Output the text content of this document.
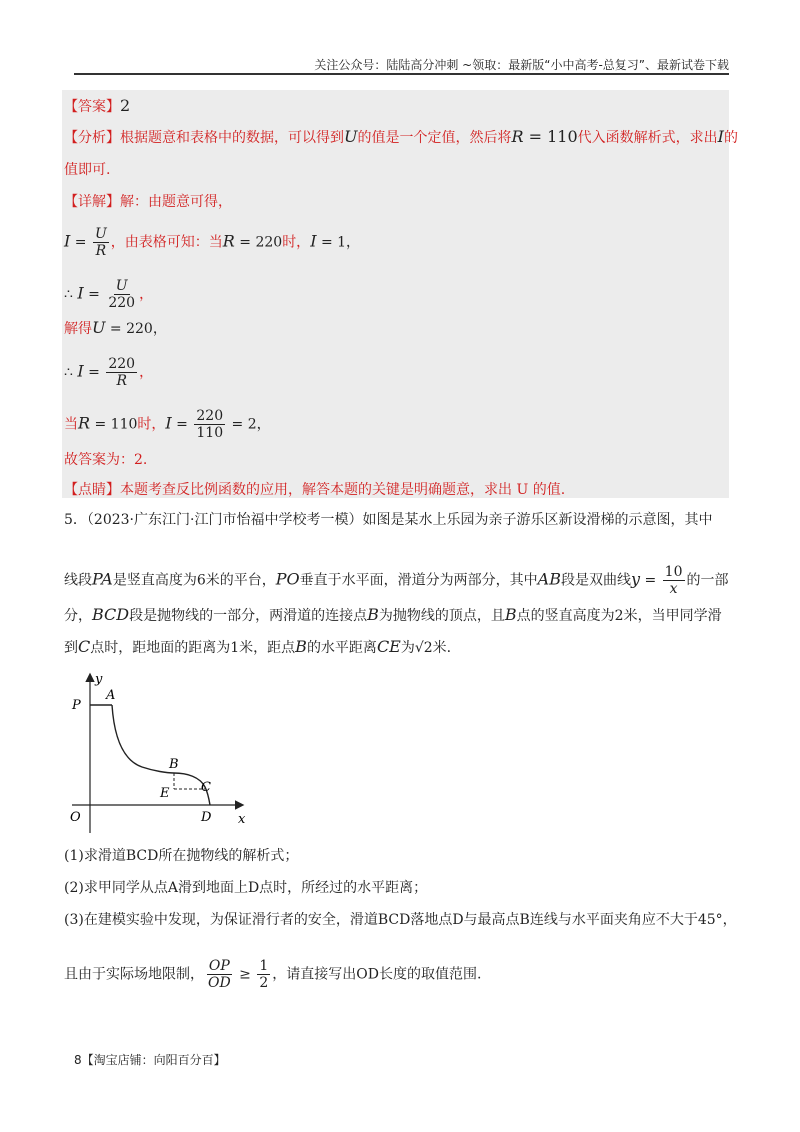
关注公众号：陆陆高分冲刺 ~领取：最新版“小中高考-总复习”、最新试卷下载
【答案】2
【分析】根据题意和表格中的数据，可以得到U的值是一个定值，然后将R = 110代入函数解析式，求出I的
值即可.
【详解】解：由题意可得，
$I = \frac{U}{R}$ ，由表格可知：当R = 220时，I = 1，
∴ $I = \frac{U}{220}$ ，
解得U = 220，
∴ $I = \frac{220}{R}$ ，
当R = 110时，$I = \frac{220}{110} = 2$，
故答案为：2.
【点睛】本题考查反比例函数的应用，解答本题的关键是明确题意，求出 U 的值.
5．（2023·广东江门·江门市怡福中学校考一模）如图是某水上乐园为亲子游乐区新设滑梯的示意图，其中
线段PA是竖直高度为6米的平台，PO垂直于水平面，滑道分为两部分，其中AB段是双曲线$y = \frac{10}{x}$ 的一部
分，BCD段是抛物线的一部分，两滑道的连接点B为抛物线的顶点，且B点的竖直高度为2米，当甲同学滑
到C点时，距地面的距离为1米，距点B的水平距离CE为√2米.
y
x
O
P
A
B
E C
D
(1)求滑道BCD所在抛物线的解析式；
(2)求甲同学从点A滑到地面上D点时，所经过的水平距离；
(3)在建模实验中发现，为保证滑行者的安全，滑道BCD落地点D与最高点B连线与水平面夹角应不大于45°，
且由于实际场地限制， $\frac{OP}{OD} \ge \frac{1}{2}$ ，请直接写出OD长度的取值范围.
8【淘宝店铺：向阳百分百】
